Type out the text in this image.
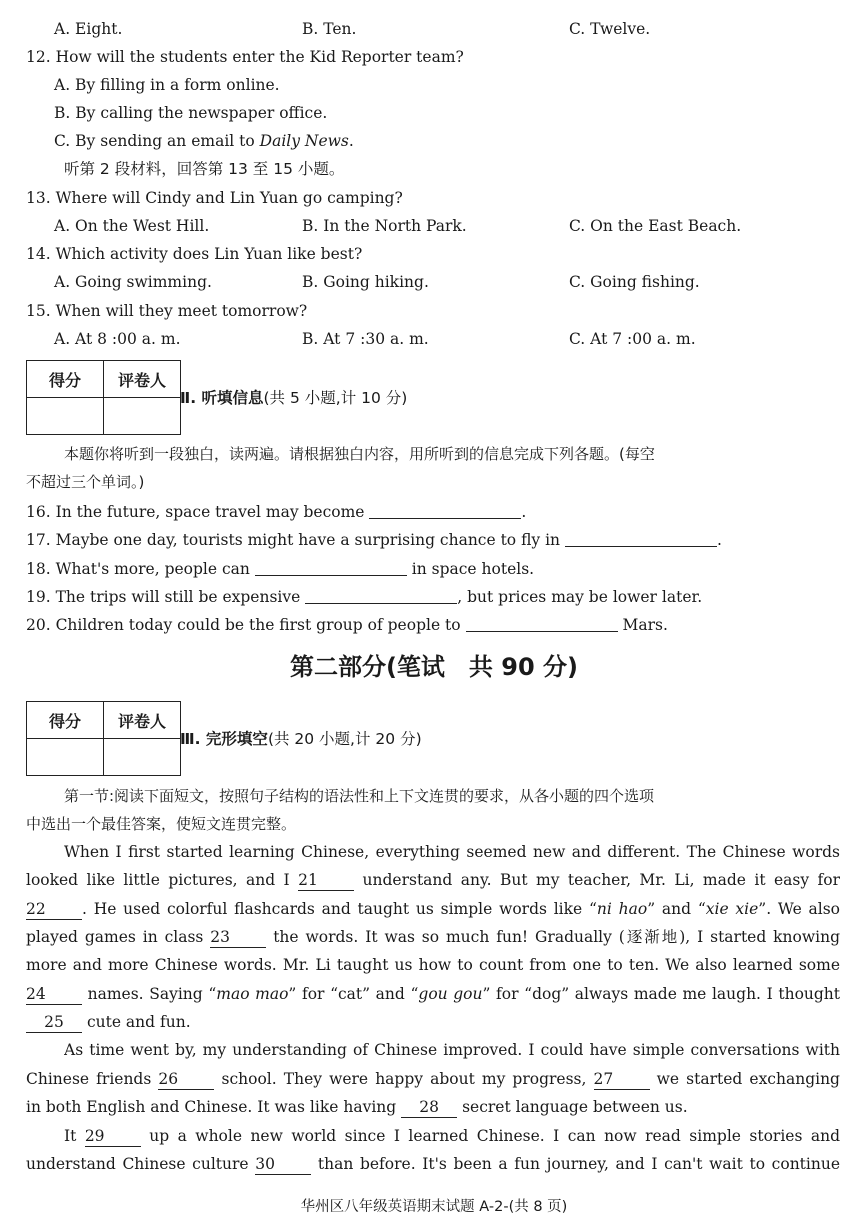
A. Eight.	B. Ten.	C. Twelve.
12. How will the students enter the Kid Reporter team?
A. By filling in a form online.
B. By calling the newspaper office.
C. By sending an email to Daily News.
听第 2 段材料，回答第 13 至 15 小题。
13. Where will Cindy and Lin Yuan go camping?
A. On the West Hill.	B. In the North Park.	C. On the East Beach.
14. Which activity does Lin Yuan like best?
A. Going swimming.	B. Going hiking.	C. Going fishing.
15. When will they meet tomorrow?
A. At 8 :00 a. m.	B. At 7 :30 a. m.	C. At 7 :00 a. m.
得分	评卷人

Ⅱ. 听填信息(共 5 小题,计 10 分)
本题你将听到一段独白，读两遍。请根据独白内容，用所听到的信息完成下列各题。(每空
不超过三个单词。)
16. In the future, space travel may become	.
17. Maybe one day, tourists might have a surprising chance to fly in	.
18. What's more, people can	in space hotels.
19. The trips will still be expensive	, but prices may be lower later.
20. Children today could be the first group of people to	Mars.
第二部分(笔试　共 90 分)
得分	评卷人

Ⅲ. 完形填空(共 20 小题,计 20 分)
第一节:阅读下面短文，按照句子结构的语法性和上下文连贯的要求，从各小题的四个选项
中选出一个最佳答案，使短文连贯完整。
When I first started learning Chinese, everything seemed new and different. The Chinese words
looked like little pictures, and I 21	understand any. But my teacher, Mr. Li, made it easy for
22 . He used colorful flashcards and taught us simple words like “ni hao” and “xie xie”. We also
played games in class 23	the words. It was so much fun! Gradually (逐渐地), I started knowing
more and more Chinese words. Mr. Li taught us how to count from one to ten. We also learned some
24	names. Saying “mao mao” for “cat” and “gou gou” for “dog” always made me laugh. I thought
25 cute and fun.
As time went by, my understanding of Chinese improved. I could have simple conversations with
Chinese friends 26	school. They were happy about my progress, 27	we started exchanging
in both English and Chinese. It was like having 28 secret language between us.
It 29	up a whole new world since I learned Chinese. I can now read simple stories and
understand Chinese culture 30	than before. It's been a fun journey, and I can't wait to continue
华州区八年级英语期末试题 A-2-(共 8 页)
